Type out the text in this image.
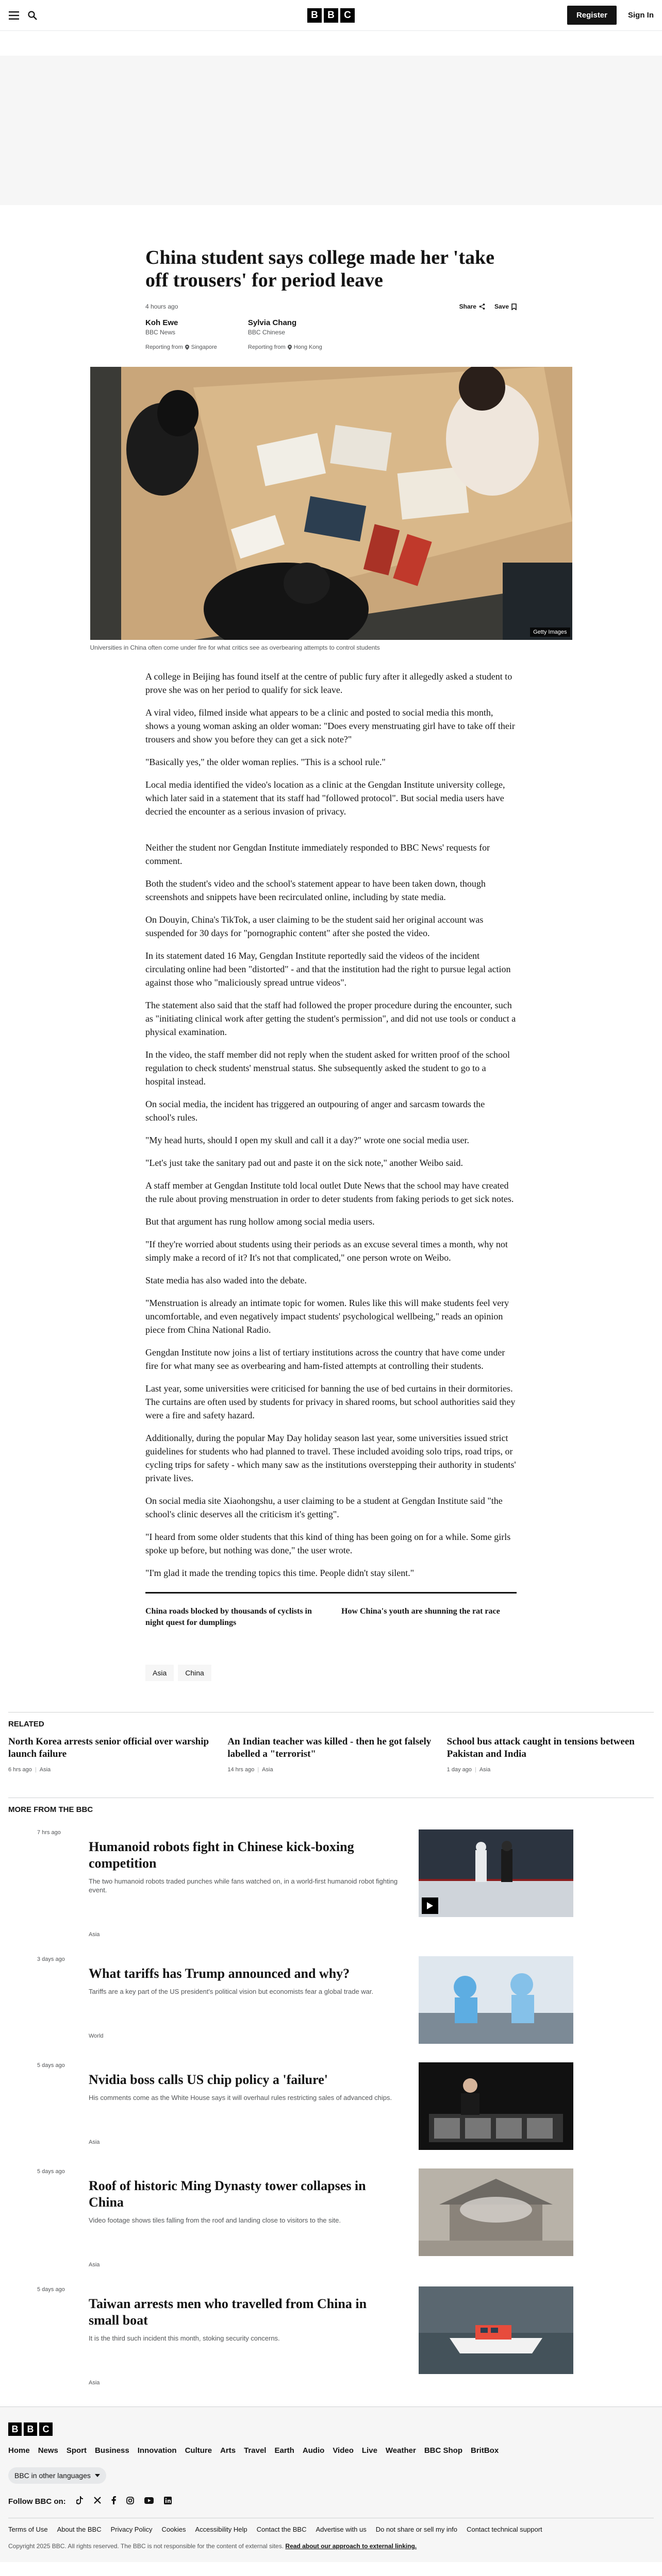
B B C	Register	Sign In
China student says college made her 'take off trousers' for period leave
4 hours ago	Share	Save
Koh Ewe
BBC News
Reporting from Singapore
Sylvia Chang
BBC Chinese
Reporting from Hong Kong
Getty Images
Universities in China often come under fire for what critics see as overbearing attempts to control students

A college in Beijing has found itself at the centre of public fury after it allegedly asked a student to prove she was on her period to qualify for sick leave.

A viral video, filmed inside what appears to be a clinic and posted to social media this month, shows a young woman asking an older woman: "Does every menstruating girl have to take off their trousers and show you before they can get a sick note?"

"Basically yes," the older woman replies. "This is a school rule."

Local media identified the video's location as a clinic at the Gengdan Institute university college, which later said in a statement that its staff had "followed protocol". But social media users have decried the encounter as a serious invasion of privacy.

Neither the student nor Gengdan Institute immediately responded to BBC News' requests for comment.

Both the student's video and the school's statement appear to have been taken down, though screenshots and snippets have been recirculated online, including by state media.

On Douyin, China's TikTok, a user claiming to be the student said her original account was suspended for 30 days for "pornographic content" after she posted the video.

In its statement dated 16 May, Gengdan Institute reportedly said the videos of the incident circulating online had been "distorted" - and that the institution had the right to pursue legal action against those who "maliciously spread untrue videos".

The statement also said that the staff had followed the proper procedure during the encounter, such as "initiating clinical work after getting the student's permission", and did not use tools or conduct a physical examination.

In the video, the staff member did not reply when the student asked for written proof of the school regulation to check students' menstrual status. She subsequently asked the student to go to a hospital instead.

On social media, the incident has triggered an outpouring of anger and sarcasm towards the school's rules.

"My head hurts, should I open my skull and call it a day?" wrote one social media user.

"Let's just take the sanitary pad out and paste it on the sick note," another Weibo said.

A staff member at Gengdan Institute told local outlet Dute News that the school may have created the rule about proving menstruation in order to deter students from faking periods to get sick notes.

But that argument has rung hollow among social media users.

"If they're worried about students using their periods as an excuse several times a month, why not simply make a record of it? It's not that complicated," one person wrote on Weibo.

State media has also waded into the debate.

"Menstruation is already an intimate topic for women. Rules like this will make students feel very uncomfortable, and even negatively impact students' psychological wellbeing," reads an opinion piece from China National Radio.

Gengdan Institute now joins a list of tertiary institutions across the country that have come under fire for what many see as overbearing and ham-fisted attempts at controlling their students.

Last year, some universities were criticised for banning the use of bed curtains in their dormitories. The curtains are often used by students for privacy in shared rooms, but school authorities said they were a fire and safety hazard.

Additionally, during the popular May Day holiday season last year, some universities issued strict guidelines for students who had planned to travel. These included avoiding solo trips, road trips, or cycling trips for safety - which many saw as the institutions overstepping their authority in students' private lives.

On social media site Xiaohongshu, a user claiming to be a student at Gengdan Institute said "the school's clinic deserves all the criticism it's getting".

"I heard from some older students that this kind of thing has been going on for a while. Some girls spoke up before, but nothing was done," the user wrote.

"I'm glad it made the trending topics this time. People didn't stay silent."

China roads blocked by thousands of cyclists in night quest for dumplings
How China's youth are shunning the rat race
Asia	China
RELATED
North Korea arrests senior official over warship launch failure
6 hrs ago | Asia
An Indian teacher was killed - then he got falsely labelled a "terrorist"
14 hrs ago | Asia
School bus attack caught in tensions between Pakistan and India
1 day ago | Asia
MORE FROM THE BBC
7 hrs ago
Humanoid robots fight in Chinese kick-boxing competition

The two humanoid robots traded punches while fans watched on, in a world-first humanoid robot fighting event.

Asia
3 days ago
What tariffs has Trump announced and why?

Tariffs are a key part of the US president's political vision but economists fear a global trade war.

World
5 days ago
Nvidia boss calls US chip policy a 'failure'

His comments come as the White House says it will overhaul rules restricting sales of advanced chips.

Asia
5 days ago
Roof of historic Ming Dynasty tower collapses in China

Video footage shows tiles falling from the roof and landing close to visitors to the site.

Asia
5 days ago
Taiwan arrests men who travelled from China in small boat

It is the third such incident this month, stoking security concerns.

Asia
B B C
Home News Sport Business Innovation Culture Arts Travel Earth Audio Video Live Weather BBC Shop BritBox
BBC in other languages
Follow BBC on:
Terms of Use About the BBC Privacy Policy Cookies Accessibility Help Contact the BBC Advertise with us Do not share or sell my info Contact technical support
Copyright 2025 BBC. All rights reserved. The BBC is not responsible for the content of external sites. Read about our approach to external linking.
